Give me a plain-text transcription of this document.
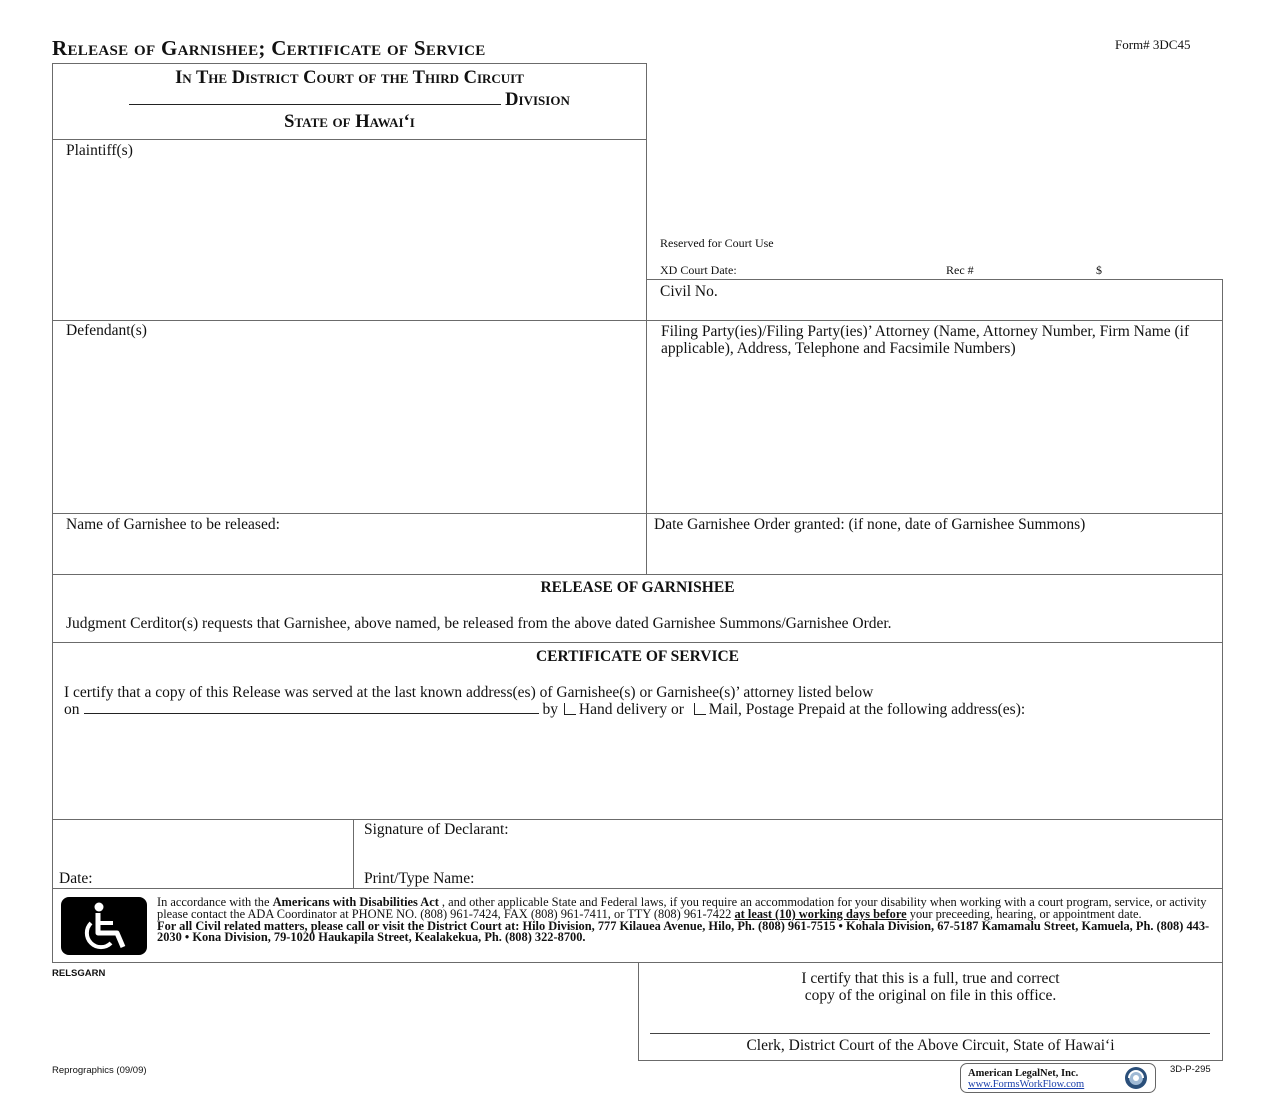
Release of Garnishee; Certificate of Service	Form# 3DC45
In The District Court of the Third Circuit
Division
State of Hawai‘i
Plaintiff(s)
Reserved for Court Use
XD Court Date:	Rec #	$
Civil No.
Defendant(s)	Filing Party(ies)/Filing Party(ies)’ Attorney (Name, Attorney Number, Firm Name (if applicable), Address, Telephone and Facsimile Numbers)
Name of Garnishee to be released:	Date Garnishee Order granted: (if none, date of Garnishee Summons)
RELEASE OF GARNISHEE
Judgment Cerditor(s) requests that Garnishee, above named, be released from the above dated Garnishee Summons/Garnishee Order.
CERTIFICATE OF SERVICE
I certify that a copy of this Release was served at the last known address(es) of Garnishee(s) or Garnishee(s)’ attorney listed below
on	by Hand delivery or Mail, Postage Prepaid at the following address(es):
Signature of Declarant:
Date:	Print/Type Name:
In accordance with the Americans with Disabilities Act , and other applicable State and Federal laws, if you require an accommodation for your disability when working with a court program, service, or activity please contact the ADA Coordinator at PHONE NO. (808) 961-7424, FAX (808) 961-7411, or TTY (808) 961-7422 at least (10) working days before your preceeding, hearing, or appointment date.
For all Civil related matters, please call or visit the District Court at: Hilo Division, 777 Kilauea Avenue, Hilo, Ph. (808) 961-7515 • Kohala Division, 67-5187 Kamamalu Street, Kamuela, Ph. (808) 443-2030 • Kona Division, 79-1020 Haukapila Street, Kealakekua, Ph. (808) 322-8700.
RELSGARN
Reprographics (09/09)
I certify that this is a full, true and correct
copy of the original on file in this office.
Clerk, District Court of the Above Circuit, State of Hawai‘i
American LegalNet, Inc.
www.FormsWorkFlow.com
3D-P-295
